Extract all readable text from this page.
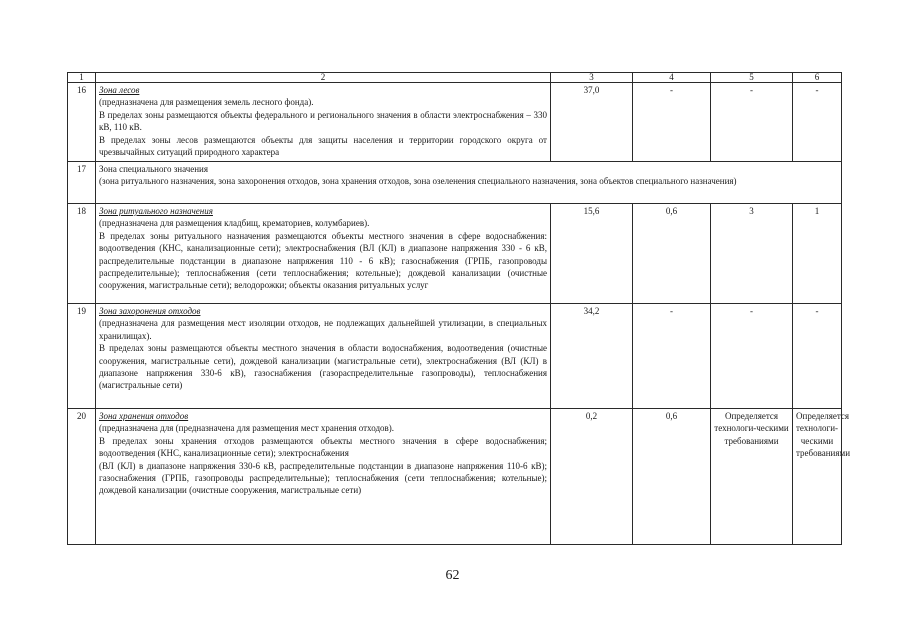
1	2	3	4	5	6
16	Зона лесов
(предназначена для размещения земель лесного фонда).
В пределах зоны размещаются объекты федерального и регионального значения в области электроснабжения – 330 кВ, 110 кВ.
В пределах зоны лесов размещаются объекты для защиты населения и территории городского округа от чрезвычайных ситуаций природного характера	37,0	-	-	-
17	Зона специального значения
(зона ритуального назначения, зона захоронения отходов, зона хранения отходов, зона озеленения специального назначения, зона объектов специального назначения)				

18	Зона ритуального назначения
(предназначена для размещения кладбищ, крематориев, колумбариев).
В пределах зоны ритуального назначения размещаются объекты местного значения в сфере водоснабжения: водоотведения (КНС, канализационные сети); электроснабжения (ВЛ (КЛ) в диапазоне напряжения 330 - 6 кВ, распределительные подстанции в диапазоне напряжения 110 - 6 кВ); газоснабжения (ГРПБ, газопроводы распределительные); теплоснабжения (сети теплоснабжения; котельные); дождевой канализации (очистные сооружения, магистральные сети); велодорожки; объекты оказания ритуальных услуг	15,6	0,6	3	1
19	Зона захоронения отходов
(предназначена для размещения мест изоляции отходов, не подлежащих дальнейшей утилизации, в специальных хранилищах).
В пределах зоны размещаются объекты местного значения в области водоснабжения, водоотведения (очистные сооружения, магистральные сети), дождевой канализации (магистральные сети), электроснабжения (ВЛ (КЛ) в диапазоне напряжения 330-6 кВ), газоснабжения (газораспределительные газопроводы), теплоснабжения (магистральные сети)	34,2	-	-	-
20	Зона хранения отходов
(предназначена для (предназначена для размещения мест хранения отходов).
В пределах зоны хранения отходов размещаются объекты местного значения в сфере водоснабжения; водоотведения (КНС, канализационные сети); электроснабжения
(ВЛ (КЛ) в диапазоне напряжения 330-6 кВ, распределительные подстанции в диапазоне напряжения 110-6 кВ); газоснабжения (ГРПБ, газопроводы распределительные); теплоснабжения (сети теплоснабжения; котельные); дождевой канализации (очистные сооружения, магистральные сети)	0,2	0,6	Определяется технологи-ческими требованиями	Определяется технологи-ческими требованиями
62
